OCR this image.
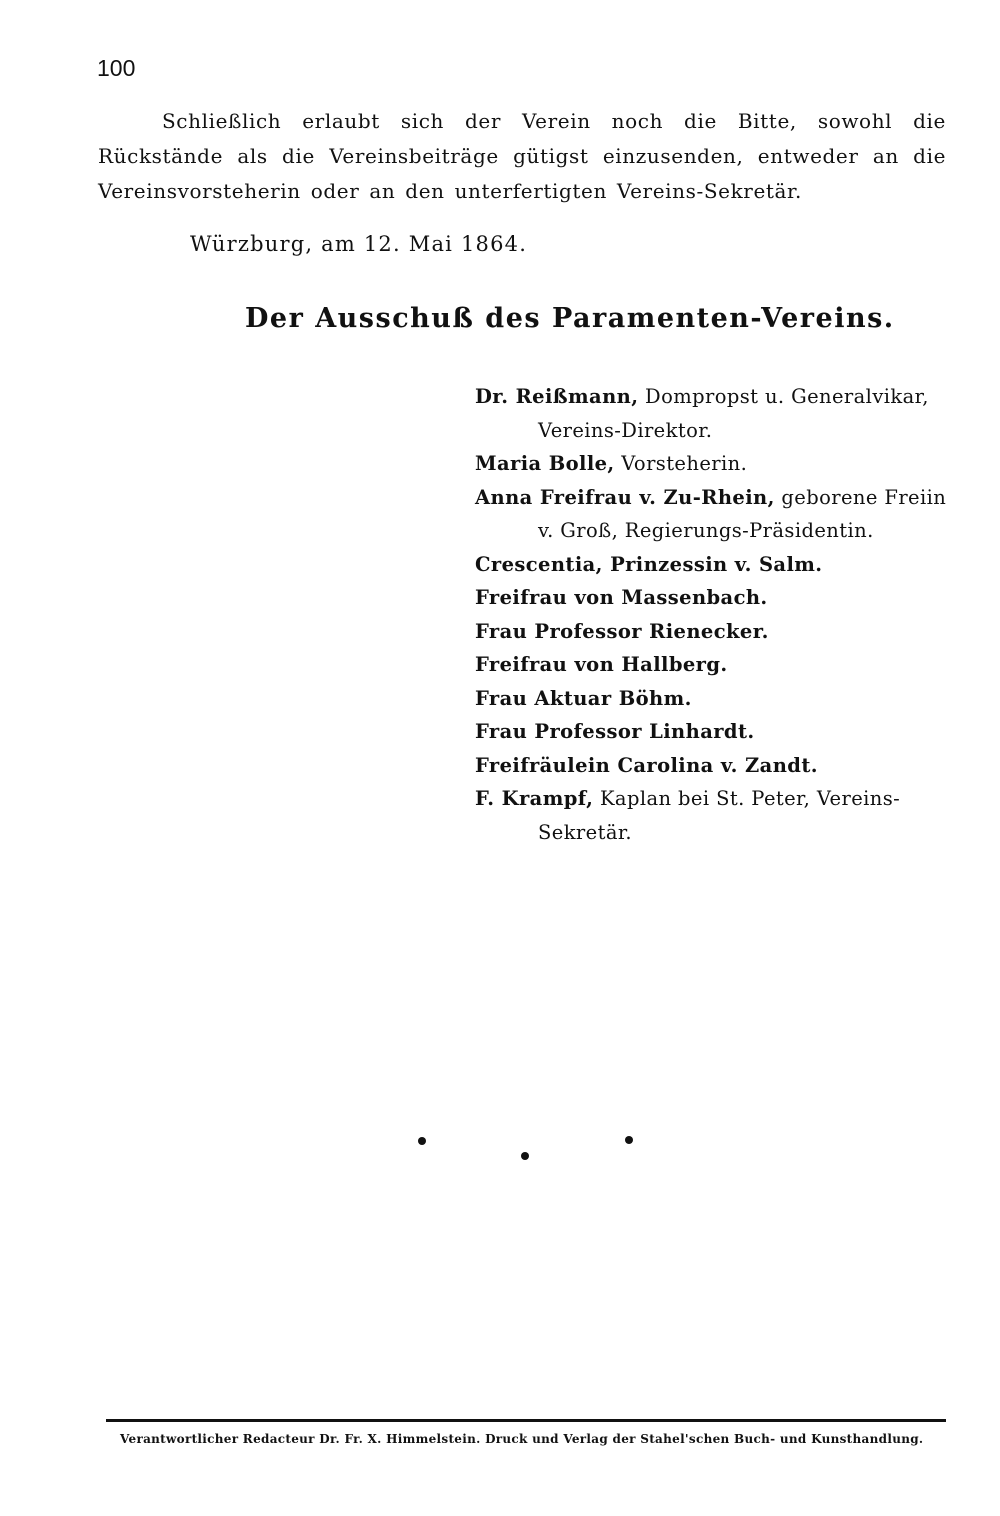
100

Schließlich erlaubt sich der Verein noch die Bitte, sowohl die Rückstände als die Vereinsbeiträge gütigst einzusenden, entweder an die Vereinsvorsteherin oder an den unterfertigten Vereins-Sekretär.

Würzburg, am 12. Mai 1864.
Der Ausschuß des Paramenten-Vereins.
Dr. Reißmann, Dompropst u. Generalvikar, Vereins-Direktor.
Maria Bolle, Vorsteherin.
Anna Freifrau v. Zu-Rhein, geborene Freiin v. Groß, Regierungs-Präsidentin.
Crescentia, Prinzessin v. Salm.
Freifrau von Massenbach.
Frau Professor Rienecker.
Freifrau von Hallberg.
Frau Aktuar Böhm.
Frau Professor Linhardt.
Freifräulein Carolina v. Zandt.
F. Krampf, Kaplan bei St. Peter, Vereins-Sekretär.
Verantwortlicher Redacteur Dr. Fr. X. Himmelstein. Druck und Verlag der Stahel'schen Buch- und Kunsthandlung.
